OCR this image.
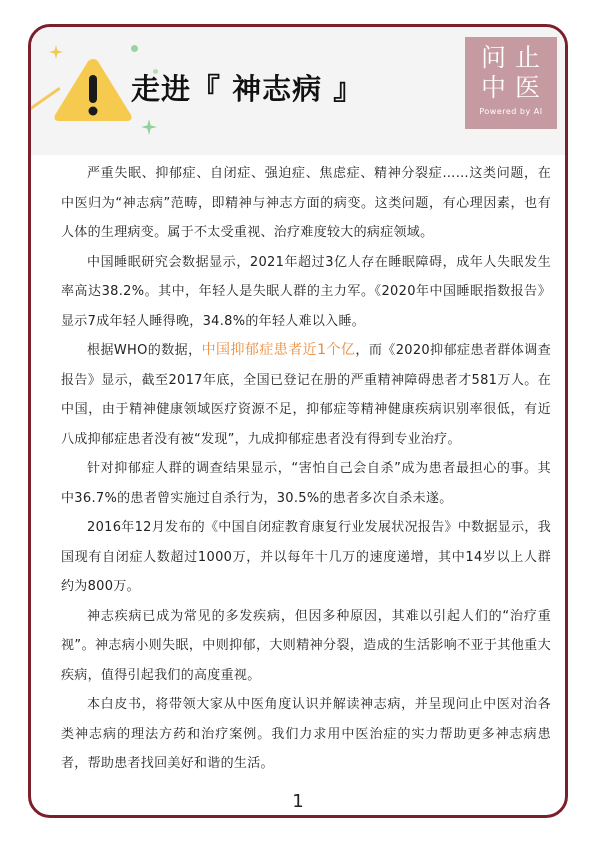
走进『 神志病 』
问止
中医
Powered by AI

严重失眠、抑郁症、自闭症、强迫症、焦虑症、精神分裂症……这类问题，在中医归为“神志病”范畴，即精神与神志方面的病变。这类问题，有心理因素，也有人体的生理病变。属于不太受重视、治疗难度较大的病症领域。

中国睡眠研究会数据显示，2021年超过3亿人存在睡眠障碍，成年人失眠发生率高达38.2%。其中，年轻人是失眠人群的主力军。《2020年中国睡眠指数报告》显示7成年轻人睡得晚，34.8%的年轻人难以入睡。

根据WHO的数据，中国抑郁症患者近1个亿，而《2020抑郁症患者群体调查报告》显示，截至2017年底，全国已登记在册的严重精神障碍患者才581万人。在中国，由于精神健康领域医疗资源不足，抑郁症等精神健康疾病识别率很低，有近八成抑郁症患者没有被“发现”，九成抑郁症患者没有得到专业治疗。

针对抑郁症人群的调查结果显示，“害怕自己会自杀”成为患者最担心的事。其中36.7%的患者曾实施过自杀行为，30.5%的患者多次自杀未遂。

2016年12月发布的《中国自闭症教育康复行业发展状况报告》中数据显示，我国现有自闭症人数超过1000万，并以每年十几万的速度递增，其中14岁以上人群约为800万。

神志疾病已成为常见的多发疾病，但因多种原因，其难以引起人们的“治疗重视”。神志病小则失眠，中则抑郁，大则精神分裂，造成的生活影响不亚于其他重大疾病，值得引起我们的高度重视。

本白皮书，将带领大家从中医角度认识并解读神志病，并呈现问止中医对治各类神志病的理法方药和治疗案例。我们力求用中医治症的实力帮助更多神志病患者，帮助患者找回美好和谐的生活。

1
